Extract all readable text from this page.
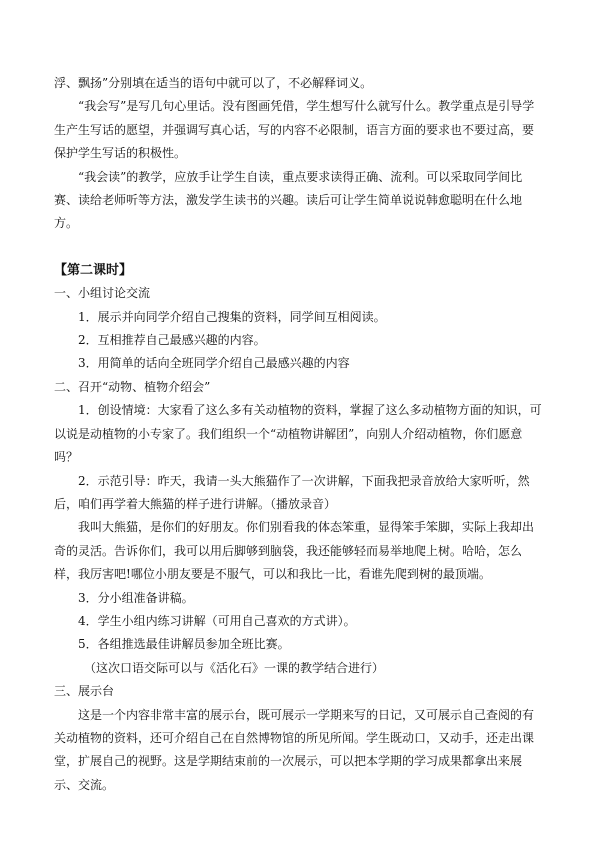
浮、飘扬”分别填在适当的语句中就可以了，不必解释词义。

“我会写”是写几句心里话。没有图画凭借，学生想写什么就写什么。教学重点是引导学生产生写话的愿望，并强调写真心话，写的内容不必限制，语言方面的要求也不要过高，要保护学生写话的积极性。

“我会读”的教学，应放手让学生自读，重点要求读得正确、流利。可以采取同学间比赛、读给老师听等方法，激发学生读书的兴趣。读后可让学生简单说说韩愈聪明在什么地方。

【第二课时】

一、小组讨论交流

1．展示并向同学介绍自己搜集的资料，同学间互相阅读。

2．互相推荐自己最感兴趣的内容。

3．用简单的话向全班同学介绍自己最感兴趣的内容

二、召开“动物、植物介绍会”

1．创设情境：大家看了这么多有关动植物的资料，掌握了这么多动植物方面的知识，可以说是动植物的小专家了。我们组织一个“动植物讲解团”，向别人介绍动植物，你们愿意吗？

2．示范引导：昨天，我请一头大熊猫作了一次讲解，下面我把录音放给大家听听，然后，咱们再学着大熊猫的样子进行讲解。（播放录音）

我叫大熊猫，是你们的好朋友。你们别看我的体态笨重，显得笨手笨脚，实际上我却出奇的灵活。告诉你们，我可以用后脚够到脑袋，我还能够轻而易举地爬上树。哈哈，怎么样，我厉害吧!哪位小朋友要是不服气，可以和我比一比，看谁先爬到树的最顶端。

3．分小组准备讲稿。

4．学生小组内练习讲解（可用自己喜欢的方式讲）。

5．各组推选最佳讲解员参加全班比赛。

（这次口语交际可以与《活化石》一课的教学结合进行）

三、展示台

这是一个内容非常丰富的展示台，既可展示一学期来写的日记，又可展示自己查阅的有关动植物的资料，还可介绍自己在自然博物馆的所见所闻。学生既动口，又动手，还走出课堂，扩展自己的视野。这是学期结束前的一次展示，可以把本学期的学习成果都拿出来展示、交流。
